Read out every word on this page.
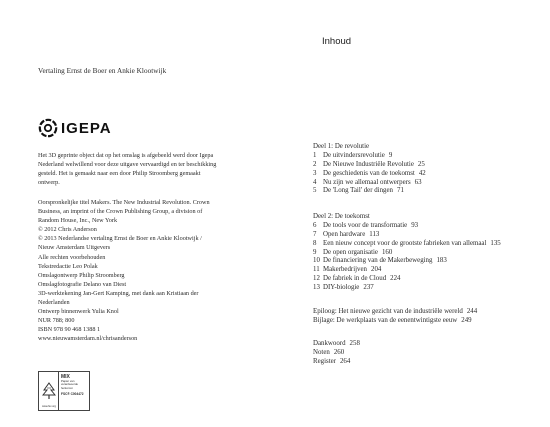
Vertaling Ernst de Boer en Ankie Klootwijk
IGEPA
Het 3D geprinte object dat op het omslag is afgebeeld werd door Igepa
Nederland welwillend voor deze uitgave vervaardigd en ter beschikking
gesteld. Het is gemaakt naar een door Philip Stroomberg gemaakt
ontwerp.
Oorspronkelijke titel Makers. The New Industrial Revolution. Crown
Business, an imprint of the Crown Publishing Group, a division of
Random House, Inc., New York
© 2012 Chris Anderson
© 2013 Nederlandse vertaling Ernst de Boer en Ankie Klootwijk /
Nieuw Amsterdam Uitgevers
Alle rechten voorbehouden
Tekstredactie Leo Polak
Omslagontwerp Philip Stroomberg
Omslagfotografie Delano van Diest
3D-werktekening Jan-Gert Kamping, met dank aan Kristiaan der
Nederlanden
Ontwerp binnenwerk Yulia Knol
NUR 788; 800
ISBN 978 90 468 1388 1
www.nieuwamsterdam.nl/chrisanderson
MIX
Papier van verantwoorde herkomst
FSC® C004472
www.fsc.org
Inhoud
Deel 1: De revolutie
1 De uitvindersrevolutie 9
2 De Nieuwe Industriële Revolutie 25
3 De geschiedenis van de toekomst 42
4 Nu zijn we allemaal ontwerpers 63
5 De 'Long Tail' der dingen 71
Deel 2: De toekomst
6 De tools voor de transformatie 93
7 Open hardware 113
8 Een nieuw concept voor de grootste fabrieken van allemaal 135
9 De open organisatie 160
10 De financiering van de Makerbeweging 183
11 Makerbedrijven 204
12 De fabriek in de Cloud 224
13 DIY-biologie 237
Epiloog: Het nieuwe gezicht van de industriële wereld 244
Bijlage: De werkplaats van de eenentwintigste eeuw 249
Dankwoord 258
Noten 260
Register 264
